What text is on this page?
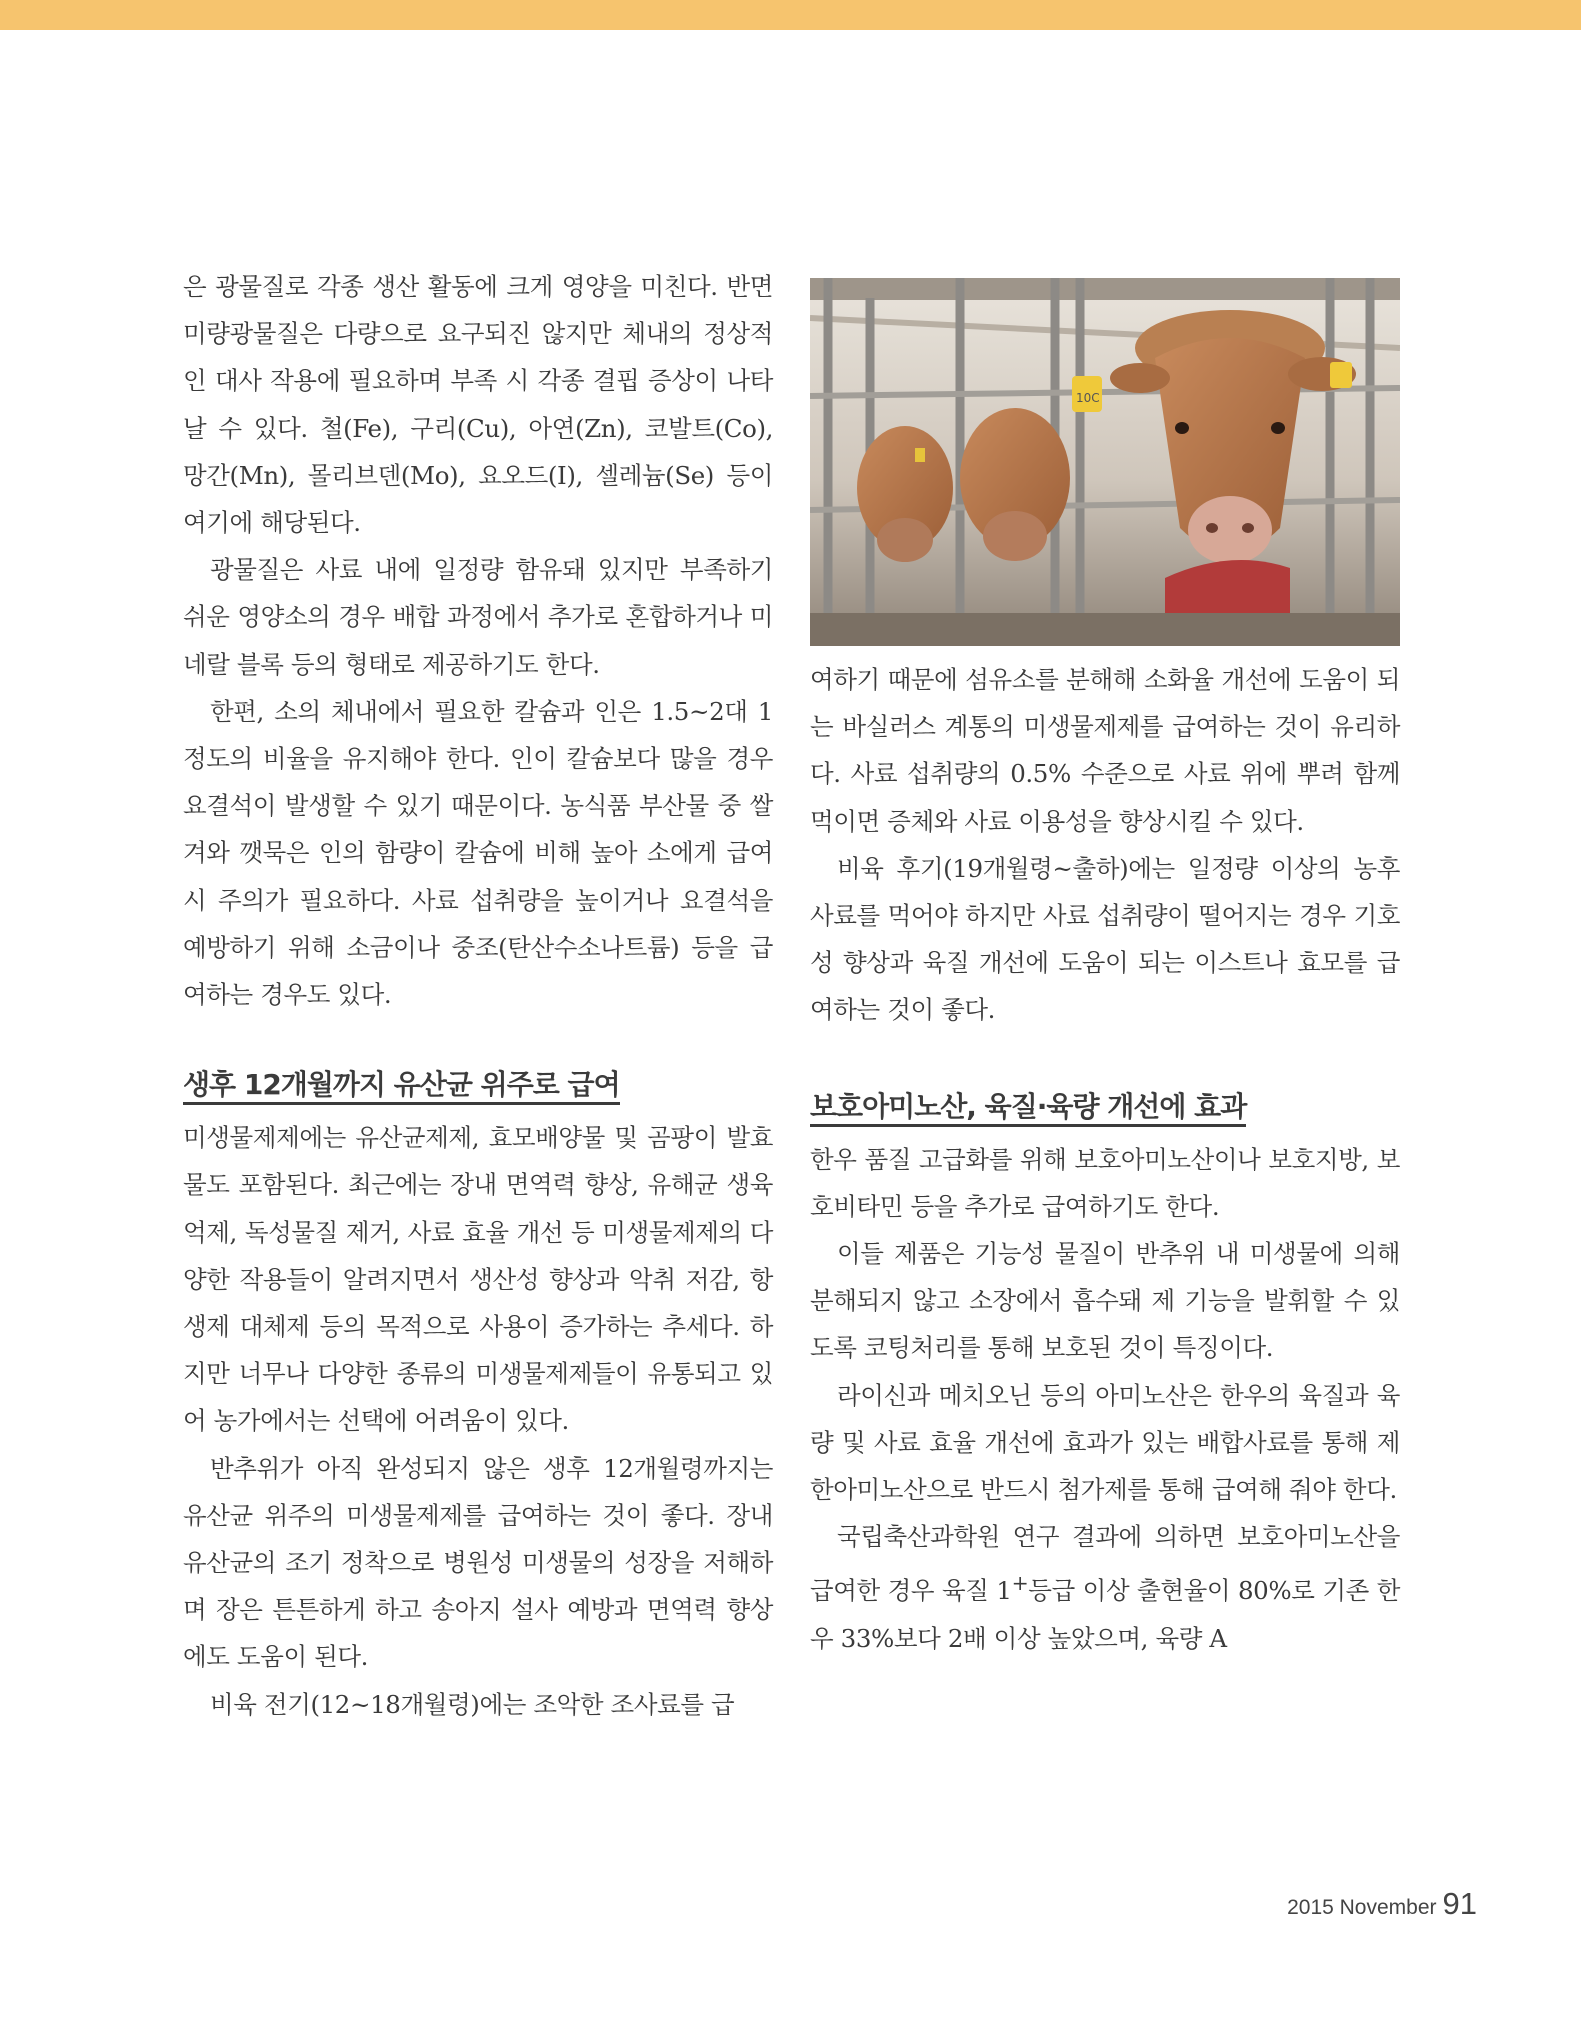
은 광물질로 각종 생산 활동에 크게 영양을 미친다. 반면 미량광물질은 다량으로 요구되진 않지만 체내의 정상적인 대사 작용에 필요하며 부족 시 각종 결핍 증상이 나타날 수 있다. 철(Fe), 구리(Cu), 아연(Zn), 코발트(Co), 망간(Mn), 몰리브덴(Mo), 요오드(I), 셀레늄(Se) 등이 여기에 해당된다.

광물질은 사료 내에 일정량 함유돼 있지만 부족하기 쉬운 영양소의 경우 배합 과정에서 추가로 혼합하거나 미네랄 블록 등의 형태로 제공하기도 한다.

한편, 소의 체내에서 필요한 칼슘과 인은 1.5~2대 1 정도의 비율을 유지해야 한다. 인이 칼슘보다 많을 경우 요결석이 발생할 수 있기 때문이다. 농식품 부산물 중 쌀겨와 깻묵은 인의 함량이 칼슘에 비해 높아 소에게 급여 시 주의가 필요하다. 사료 섭취량을 높이거나 요결석을 예방하기 위해 소금이나 중조(탄산수소나트륨) 등을 급여하는 경우도 있다.

생후 12개월까지 유산균 위주로 급여

미생물제제에는 유산균제제, 효모배양물 및 곰팡이 발효물도 포함된다. 최근에는 장내 면역력 향상, 유해균 생육 억제, 독성물질 제거, 사료 효율 개선 등 미생물제제의 다양한 작용들이 알려지면서 생산성 향상과 악취 저감, 항생제 대체제 등의 목적으로 사용이 증가하는 추세다. 하지만 너무나 다양한 종류의 미생물제제들이 유통되고 있어 농가에서는 선택에 어려움이 있다.

반추위가 아직 완성되지 않은 생후 12개월령까지는 유산균 위주의 미생물제제를 급여하는 것이 좋다. 장내 유산균의 조기 정착으로 병원성 미생물의 성장을 저해하며 장은 튼튼하게 하고 송아지 설사 예방과 면역력 향상에도 도움이 된다.

비육 전기(12~18개월령)에는 조악한 조사료를 급

10C

여하기 때문에 섬유소를 분해해 소화율 개선에 도움이 되는 바실러스 계통의 미생물제제를 급여하는 것이 유리하다. 사료 섭취량의 0.5% 수준으로 사료 위에 뿌려 함께 먹이면 증체와 사료 이용성을 향상시킬 수 있다.

비육 후기(19개월령~출하)에는 일정량 이상의 농후사료를 먹어야 하지만 사료 섭취량이 떨어지는 경우 기호성 향상과 육질 개선에 도움이 되는 이스트나 효모를 급여하는 것이 좋다.

보호아미노산, 육질·육량 개선에 효과

한우 품질 고급화를 위해 보호아미노산이나 보호지방, 보호비타민 등을 추가로 급여하기도 한다.

이들 제품은 기능성 물질이 반추위 내 미생물에 의해 분해되지 않고 소장에서 흡수돼 제 기능을 발휘할 수 있도록 코팅처리를 통해 보호된 것이 특징이다.

라이신과 메치오닌 등의 아미노산은 한우의 육질과 육량 및 사료 효율 개선에 효과가 있는 배합사료를 통해 제한아미노산으로 반드시 첨가제를 통해 급여해 줘야 한다.

국립축산과학원 연구 결과에 의하면 보호아미노산을 급여한 경우 육질 1+등급 이상 출현율이 80%로 기존 한우 33%보다 2배 이상 높았으며, 육량 A

2015 November 91
